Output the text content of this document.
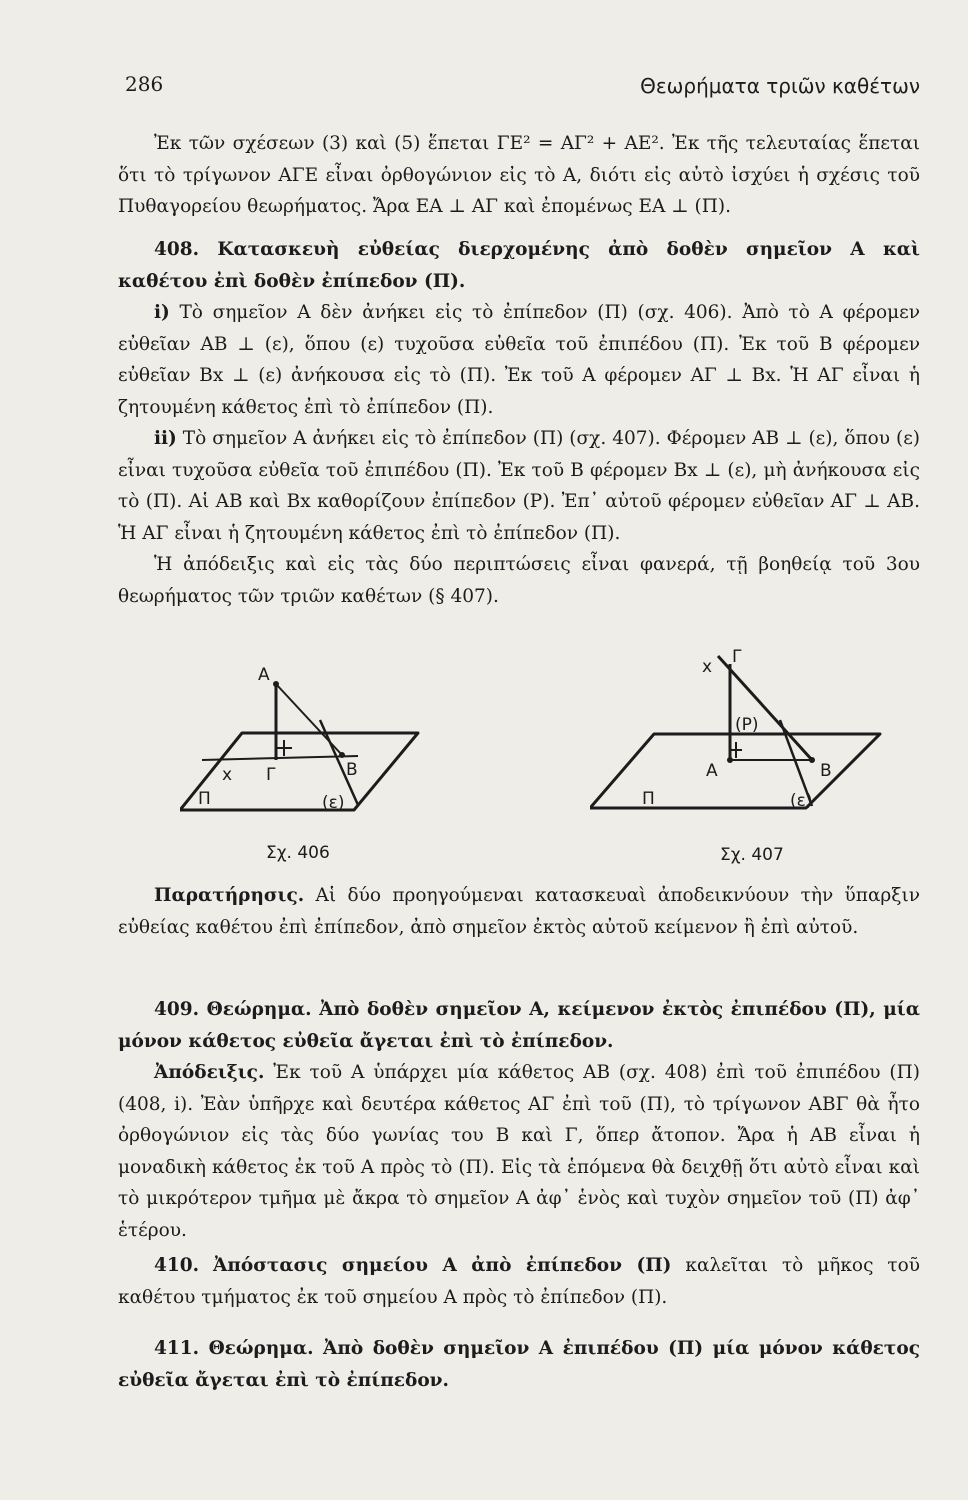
286	Θεωρήματα τριῶν καθέτων

Ἐκ τῶν σχέσεων (3) καὶ (5) ἕπεται ΓΕ² = ΑΓ² + ΑΕ². Ἐκ τῆς τελευταίας ἕπεται ὅτι τὸ τρίγωνον ΑΓΕ εἶναι ὀρθογώνιον εἰς τὸ Α, διότι εἰς αὐτὸ ἰσχύει ἡ σχέσις τοῦ Πυθαγορείου θεωρήματος. Ἄρα ΕΑ ⊥ ΑΓ καὶ ἐπομένως ΕΑ ⊥ (Π).

408. Κατασκευὴ εὐθείας διερχομένης ἀπὸ δοθὲν σημεῖον Α καὶ καθέτου ἐπὶ δοθὲν ἐπίπεδον (Π).

i) Τὸ σημεῖον Α δὲν ἀνήκει εἰς τὸ ἐπίπεδον (Π) (σχ. 406). Ἀπὸ τὸ Α φέρομεν εὐθεῖαν ΑΒ ⊥ (ε), ὅπου (ε) τυχοῦσα εὐθεῖα τοῦ ἐπιπέδου (Π). Ἐκ τοῦ Β φέρομεν εὐθεῖαν Βx ⊥ (ε) ἀνήκουσα εἰς τὸ (Π). Ἐκ τοῦ Α φέρομεν ΑΓ ⊥ Βx. Ἡ ΑΓ εἶναι ἡ ζητουμένη κάθετος ἐπὶ τὸ ἐπίπεδον (Π).

ii) Τὸ σημεῖον Α ἀνήκει εἰς τὸ ἐπίπεδον (Π) (σχ. 407). Φέρομεν ΑΒ ⊥ (ε), ὅπου (ε) εἶναι τυχοῦσα εὐθεῖα τοῦ ἐπιπέδου (Π). Ἐκ τοῦ Β φέρομεν Βx ⊥ (ε), μὴ ἀνήκουσα εἰς τὸ (Π). Αἱ ΑΒ καὶ Βx καθορίζουν ἐπίπεδον (Ρ). Ἐπ᾽ αὐτοῦ φέρομεν εὐθεῖαν ΑΓ ⊥ ΑΒ. Ἡ ΑΓ εἶναι ἡ ζητουμένη κάθετος ἐπὶ τὸ ἐπίπεδον (Π).

Ἡ ἀπόδειξις καὶ εἰς τὰς δύο περιπτώσεις εἶναι φανερά, τῇ βοηθείᾳ τοῦ 3ου θεωρήματος τῶν τριῶν καθέτων (§ 407).

Α
Γ	Β
x
Π	(ε)
Σχ. 406
x Γ
(Ρ)
Α	Β
Π	(ε)
Σχ. 407

Παρατήρησις. Αἱ δύο προηγούμεναι κατασκευαὶ ἀποδεικνύουν τὴν ὕπαρξιν εὐθείας καθέτου ἐπὶ ἐπίπεδον, ἀπὸ σημεῖον ἐκτὸς αὐτοῦ κείμενον ἢ ἐπὶ αὐτοῦ.

409. Θεώρημα. Ἀπὸ δοθὲν σημεῖον Α, κείμενον ἐκτὸς ἐπιπέδου (Π), μία μόνον κάθετος εὐθεῖα ἄγεται ἐπὶ τὸ ἐπίπεδον.

Ἀπόδειξις. Ἐκ τοῦ Α ὑπάρχει μία κάθετος ΑΒ (σχ. 408) ἐπὶ τοῦ ἐπιπέδου (Π) (408, i). Ἐὰν ὑπῆρχε καὶ δευτέρα κάθετος ΑΓ ἐπὶ τοῦ (Π), τὸ τρίγωνον ΑΒΓ θὰ ἦτο ὀρθογώνιον εἰς τὰς δύο γωνίας του Β καὶ Γ, ὅπερ ἄτοπον. Ἄρα ἡ ΑΒ εἶναι ἡ μοναδικὴ κάθετος ἐκ τοῦ Α πρὸς τὸ (Π). Εἰς τὰ ἑπόμενα θὰ δειχθῇ ὅτι αὐτὸ εἶναι καὶ τὸ μικρότερον τμῆμα μὲ ἄκρα τὸ σημεῖον Α ἀφ᾽ ἑνὸς καὶ τυχὸν σημεῖον τοῦ (Π) ἀφ᾽ ἑτέρου.

410. Ἀπόστασις σημείου Α ἀπὸ ἐπίπεδον (Π) καλεῖται τὸ μῆκος τοῦ καθέτου τμήματος ἐκ τοῦ σημείου Α πρὸς τὸ ἐπίπεδον (Π).

411. Θεώρημα. Ἀπὸ δοθὲν σημεῖον Α ἐπιπέδου (Π) μία μόνον κάθετος εὐθεῖα ἄγεται ἐπὶ τὸ ἐπίπεδον.
